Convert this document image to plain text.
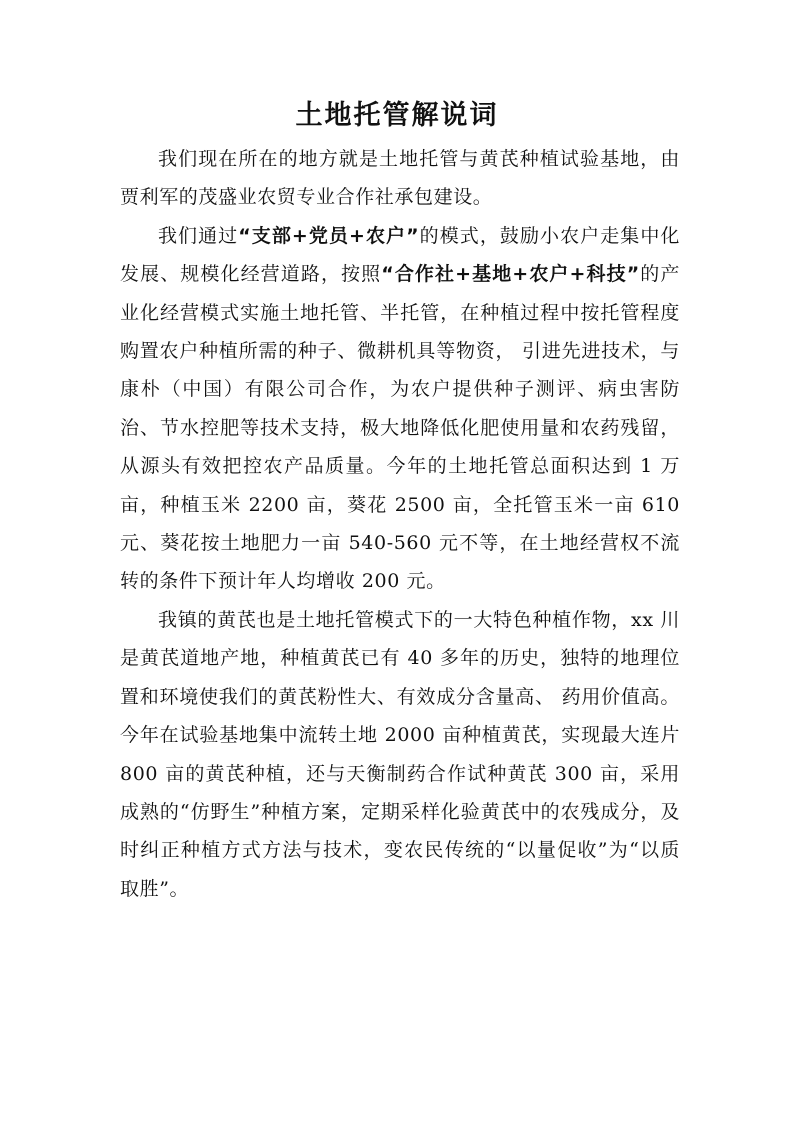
土地托管解说词

我们现在所在的地方就是土地托管与黄芪种植试验基地，由贾利军的茂盛业农贸专业合作社承包建设。

我们通过“支部+党员+农户”的模式，鼓励小农户走集中化发展、规模化经营道路，按照“合作社+基地+农户+科技”的产业化经营模式实施土地托管、半托管，在种植过程中按托管程度购置农户种植所需的种子、微耕机具等物资， 引进先进技术，与康朴（中国）有限公司合作，为农户提供种子测评、病虫害防治、节水控肥等技术支持，极大地降低化肥使用量和农药残留，从源头有效把控农产品质量。今年的土地托管总面积达到 1 万亩，种植玉米 2200 亩，葵花 2500 亩，全托管玉米一亩 610 元、葵花按土地肥力一亩 540-560 元不等，在土地经营权不流转的条件下预计年人均增收 200 元。

我镇的黄芪也是土地托管模式下的一大特色种植作物，xx 川是黄芪道地产地，种植黄芪已有 40 多年的历史，独特的地理位置和环境使我们的黄芪粉性大、有效成分含量高、 药用价值高。今年在试验基地集中流转土地 2000 亩种植黄芪，实现最大连片 800 亩的黄芪种植，还与天衡制药合作试种黄芪 300 亩，采用成熟的“仿野生”种植方案，定期采样化验黄芪中的农残成分，及时纠正种植方式方法与技术，变农民传统的“以量促收”为“以质取胜”。
